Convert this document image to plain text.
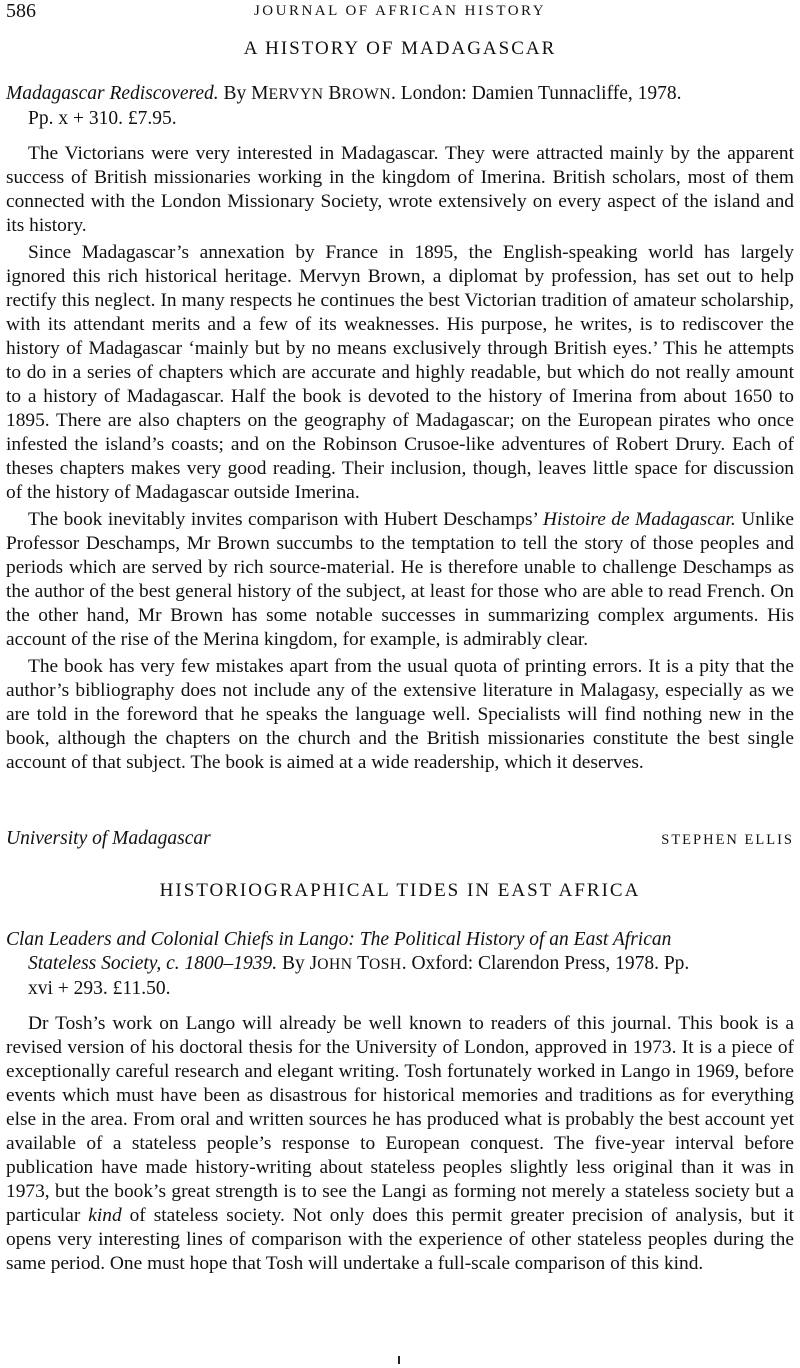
586	JOURNAL OF AFRICAN HISTORY
A HISTORY OF MADAGASCAR
Madagascar Rediscovered. By MERVYN BROWN. London: Damien Tunnacliffe, 1978.
Pp. x + 310. £7.95.

The Victorians were very interested in Madagascar. They were attracted mainly by the apparent success of British missionaries working in the kingdom of Imerina. British scholars, most of them connected with the London Missionary Society, wrote extensively on every aspect of the island and its history.

Since Madagascar’s annexation by France in 1895, the English-speaking world has largely ignored this rich historical heritage. Mervyn Brown, a diplomat by profession, has set out to help rectify this neglect. In many respects he continues the best Victorian tradition of amateur scholarship, with its attendant merits and a few of its weaknesses. His purpose, he writes, is to rediscover the history of Madagascar ‘mainly but by no means exclusively through British eyes.’ This he attempts to do in a series of chapters which are accurate and highly readable, but which do not really amount to a history of Madagascar. Half the book is devoted to the history of Imerina from about 1650 to 1895. There are also chapters on the geography of Madagascar; on the European pirates who once infested the island’s coasts; and on the Robinson Crusoe-like adventures of Robert Drury. Each of theses chapters makes very good reading. Their inclusion, though, leaves little space for discussion of the history of Madagascar outside Imerina.

The book inevitably invites comparison with Hubert Deschamps’ Histoire de Madagascar. Unlike Professor Deschamps, Mr Brown succumbs to the temptation to tell the story of those peoples and periods which are served by rich source-material. He is therefore unable to challenge Deschamps as the author of the best general history of the subject, at least for those who are able to read French. On the other hand, Mr Brown has some notable successes in summarizing complex arguments. His account of the rise of the Merina kingdom, for example, is admirably clear.

The book has very few mistakes apart from the usual quota of printing errors. It is a pity that the author’s bibliography does not include any of the extensive literature in Malagasy, especially as we are told in the foreword that he speaks the language well. Specialists will find nothing new in the book, although the chapters on the church and the British missionaries constitute the best single account of that subject. The book is aimed at a wide readership, which it deserves.

University of Madagascar	STEPHEN ELLIS
HISTORIOGRAPHICAL TIDES IN EAST AFRICA
Clan Leaders and Colonial Chiefs in Lango: The Political History of an East African
Stateless Society, c. 1800–1939. By JOHN TOSH. Oxford: Clarendon Press, 1978. Pp.
xvi + 293. £11.50.

Dr Tosh’s work on Lango will already be well known to readers of this journal. This book is a revised version of his doctoral thesis for the University of London, approved in 1973. It is a piece of exceptionally careful research and elegant writing. Tosh fortunately worked in Lango in 1969, before events which must have been as disastrous for historical memories and traditions as for everything else in the area. From oral and written sources he has produced what is probably the best account yet available of a stateless people’s response to European conquest. The five-year interval before publication have made history-writing about stateless peoples slightly less original than it was in 1973, but the book’s great strength is to see the Langi as forming not merely a stateless society but a particular kind of stateless society. Not only does this permit greater precision of analysis, but it opens very interesting lines of comparison with the experience of other stateless peoples during the same period. One must hope that Tosh will undertake a full-scale comparison of this kind.
